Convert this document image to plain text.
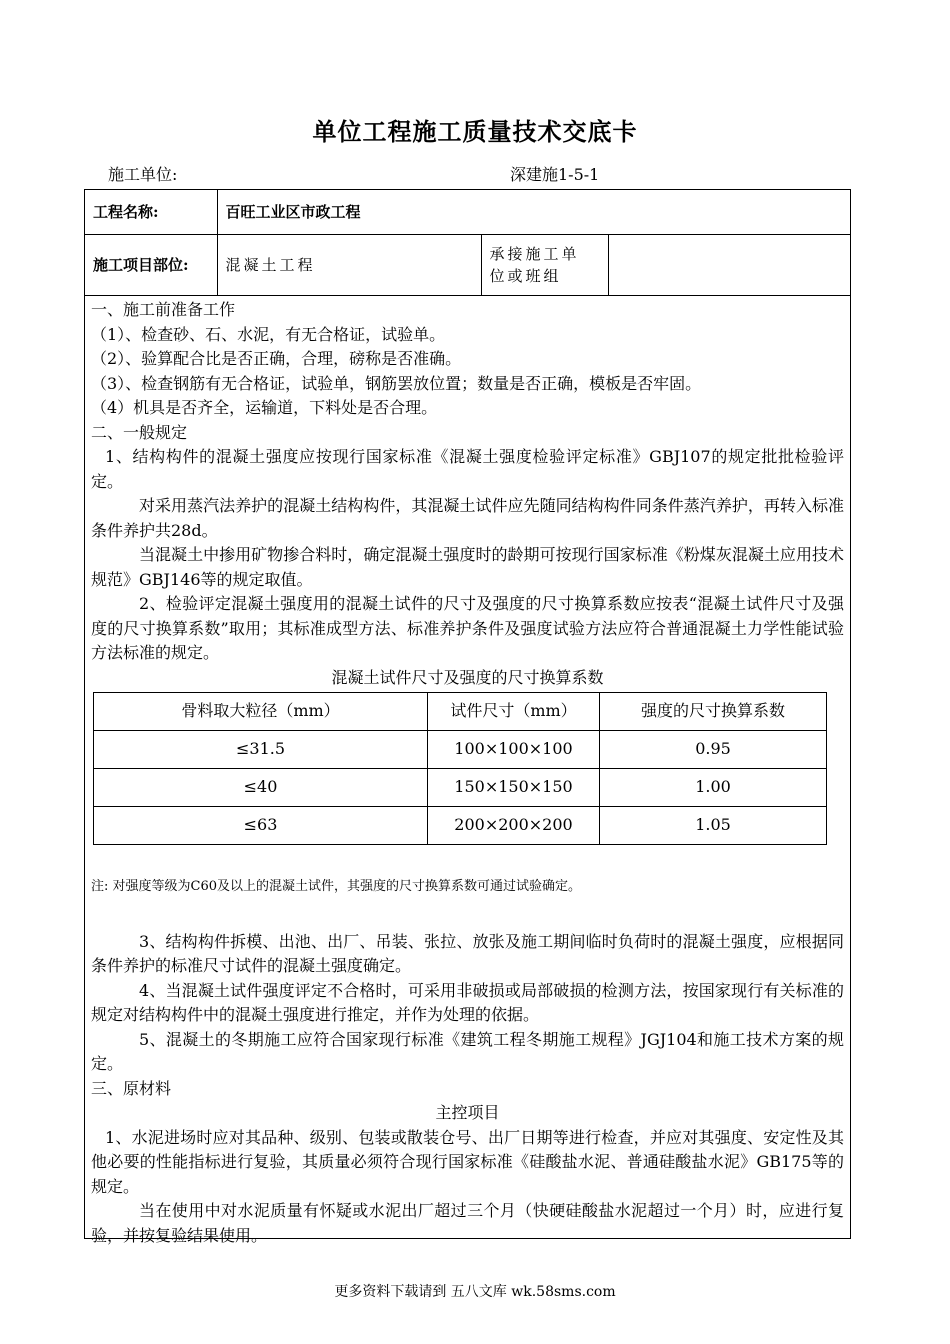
单位工程施工质量技术交底卡
施工单位:	深建施1-5-1
工程名称:	百旺工业区市政工程		
施工项目部位:	混凝土工程	承接施工单
位或班组	

一、施工前准备工作

（1）、检查砂、石、水泥，有无合格证，试验单。

（2）、验算配合比是否正确，合理，磅称是否准确。

（3）、检查钢筋有无合格证，试验单，钢筋罢放位置；数量是否正确，模板是否牢固。

（4）机具是否齐全，运输道，下料处是否合理。

二、一般规定

1、结构构件的混凝土强度应按现行国家标准《混凝土强度检验评定标准》GBJ107的规定批批检验评定。

对采用蒸汽法养护的混凝土结构构件，其混凝土试件应先随同结构构件同条件蒸汽养护，再转入标准条件养护共28d。

当混凝土中掺用矿物掺合料时，确定混凝土强度时的龄期可按现行国家标准《粉煤灰混凝土应用技术规范》GBJ146等的规定取值。

2、检验评定混凝土强度用的混凝土试件的尺寸及强度的尺寸换算系数应按表“混凝土试件尺寸及强度的尺寸换算系数”取用；其标准成型方法、标准养护条件及强度试验方法应符合普通混凝土力学性能试验方法标准的规定。

混凝土试件尺寸及强度的尺寸换算系数

骨料取大粒径（mm）	试件尺寸（mm）	强度的尺寸换算系数
≤31.5	100×100×100	0.95
≤40	150×150×150	1.00
≤63	200×200×200	1.05

注: 对强度等级为C60及以上的混凝土试件，其强度的尺寸换算系数可通过试验确定。

3、结构构件拆模、出池、出厂、吊装、张拉、放张及施工期间临时负荷时的混凝土强度，应根据同条件养护的标准尺寸试件的混凝土强度确定。

4、当混凝土试件强度评定不合格时，可采用非破损或局部破损的检测方法，按国家现行有关标准的规定对结构构件中的混凝土强度进行推定，并作为处理的依据。

5、混凝土的冬期施工应符合国家现行标准《建筑工程冬期施工规程》JGJ104和施工技术方案的规定。

三、原材料

主控项目

1、水泥进场时应对其品种、级别、包装或散装仓号、出厂日期等进行检查，并应对其强度、安定性及其他必要的性能指标进行复验，其质量必须符合现行国家标准《硅酸盐水泥、普通硅酸盐水泥》GB175等的规定。

当在使用中对水泥质量有怀疑或水泥出厂超过三个月（快硬硅酸盐水泥超过一个月）时，应进行复验，并按复验结果使用。

更多资料下载请到 五八文库 wk.58sms.com
